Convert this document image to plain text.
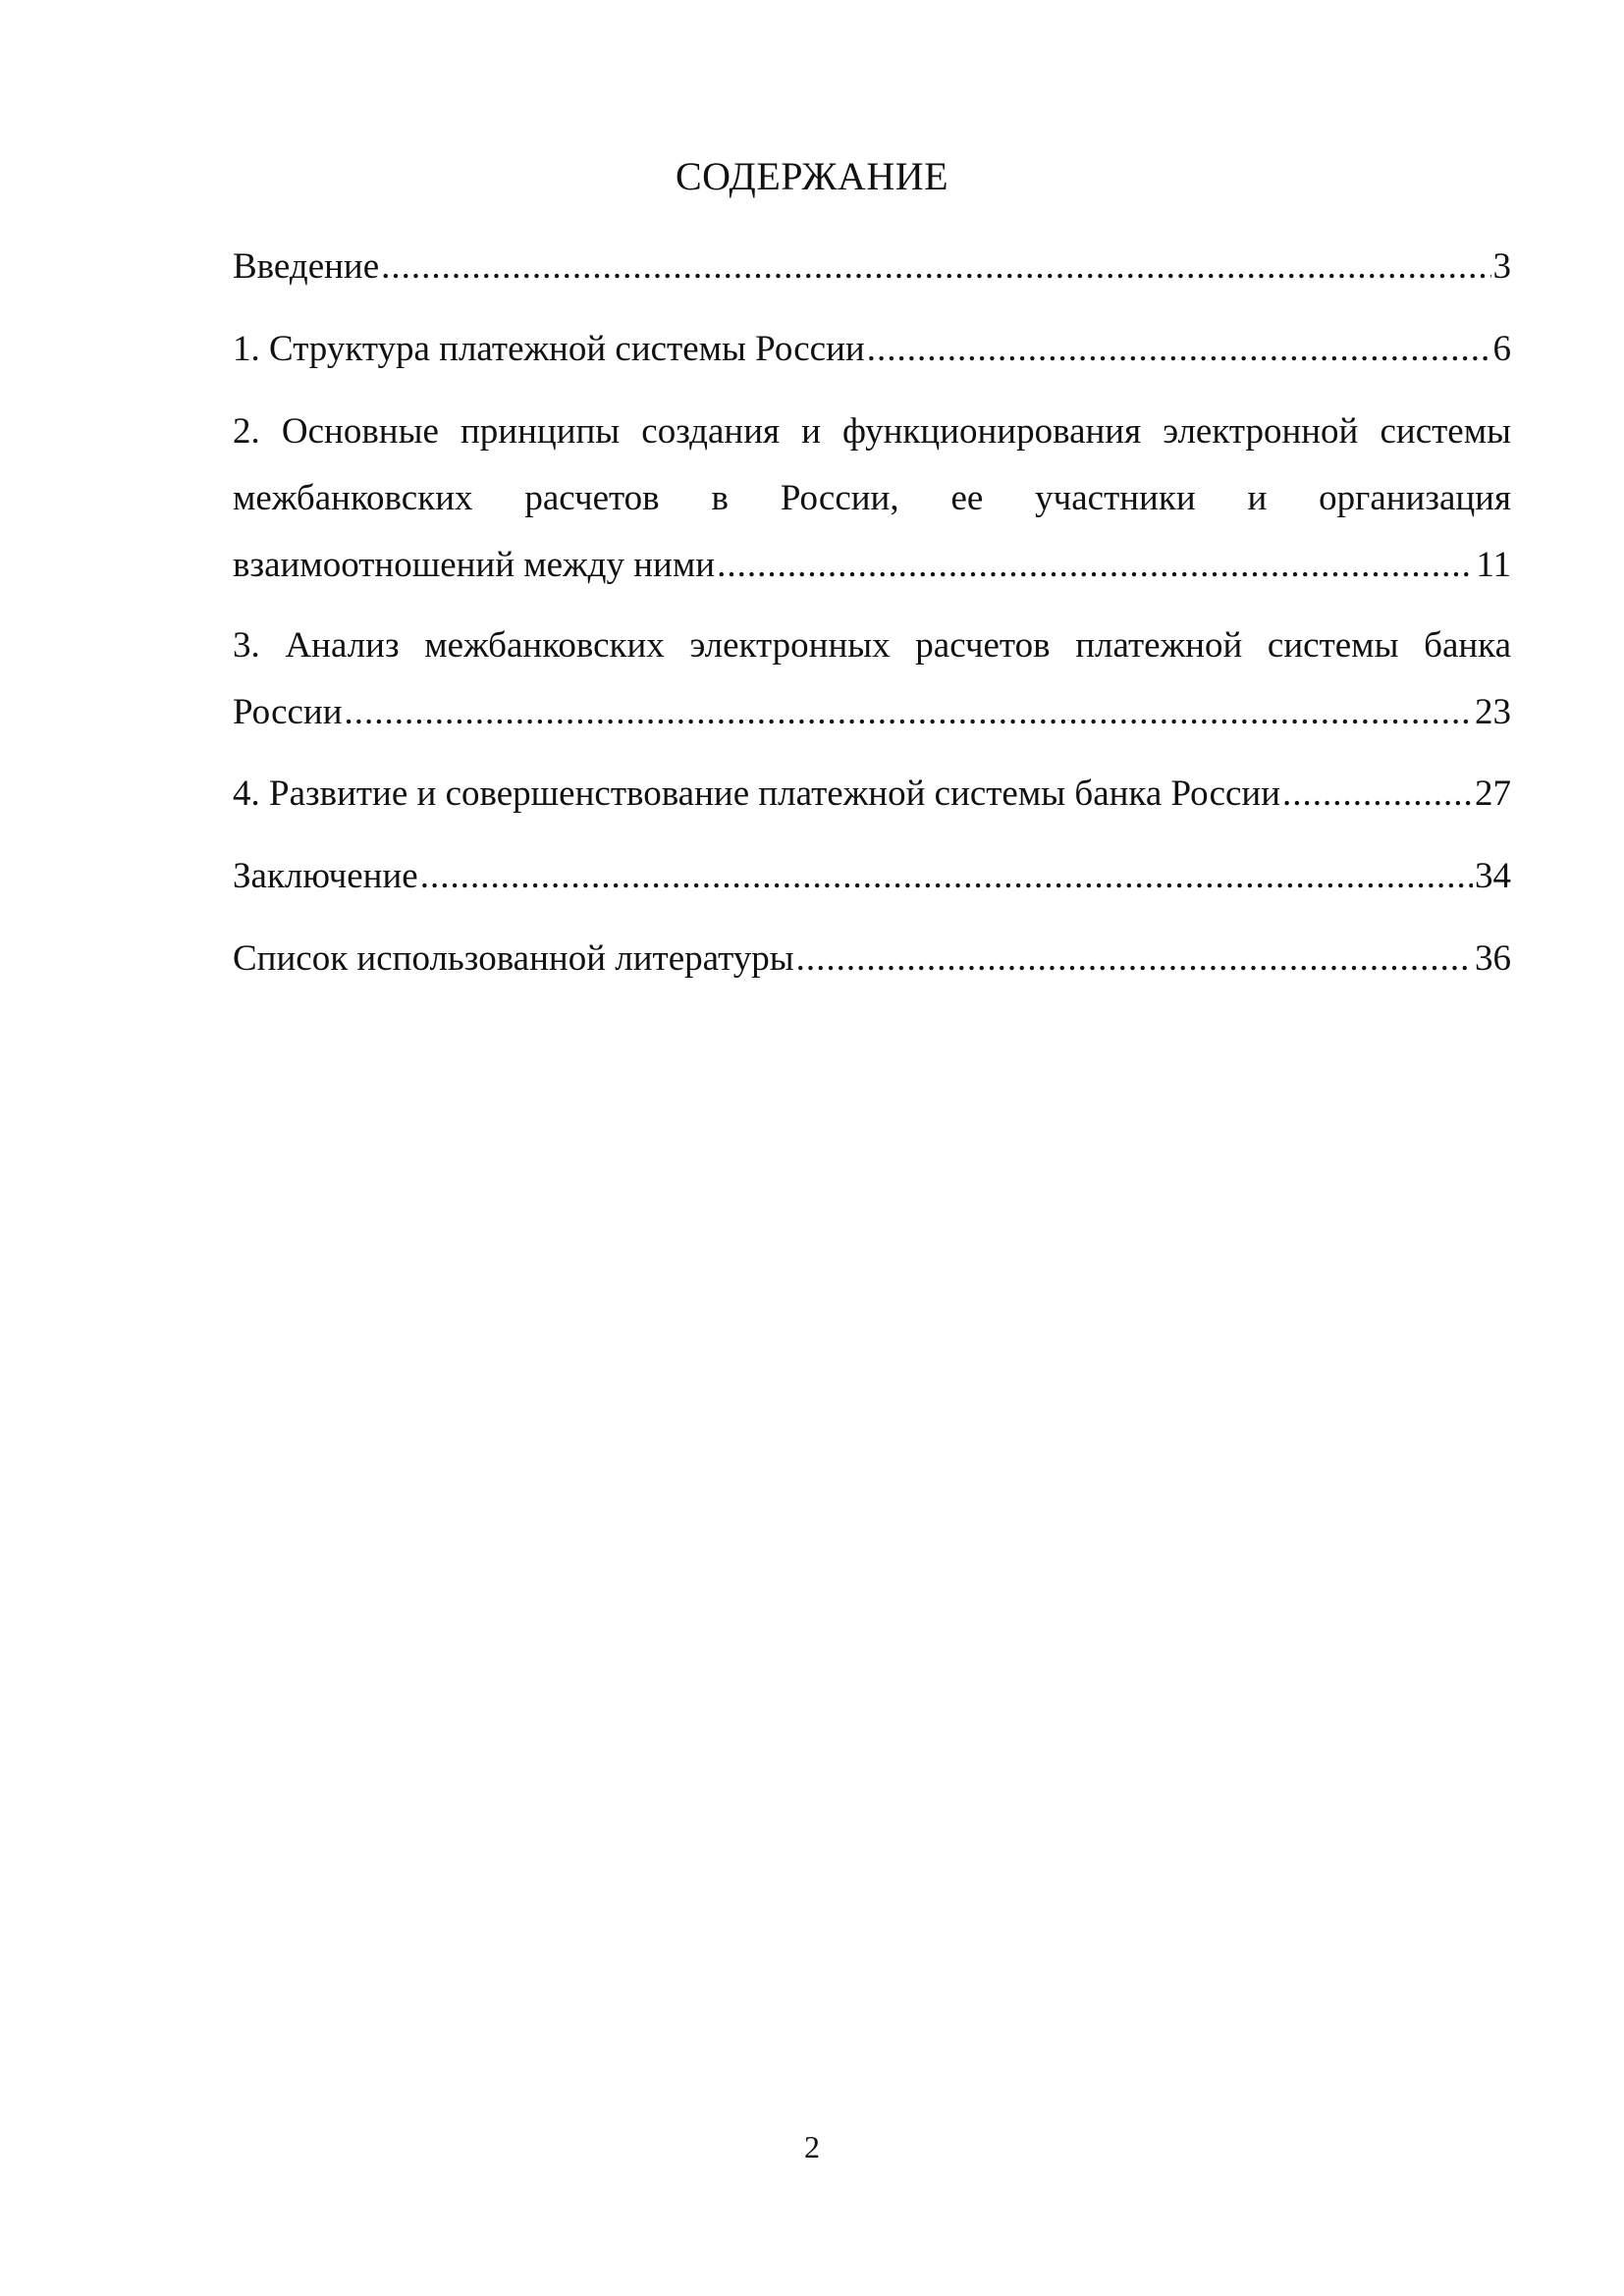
СОДЕРЖАНИЕ
Введение .....	3
1. Структура платежной системы России .....	6
2. Основные принципы создания и функционирования электронной системы
межбанковских расчетов в России, ее участники и организация
взаимоотношений между ними .....	11
3. Анализ межбанковских электронных расчетов платежной системы банка
России .....	23
4. Развитие и совершенствование платежной системы банка России .....	27
Заключение .....	34
Список использованной литературы .....	36
2
